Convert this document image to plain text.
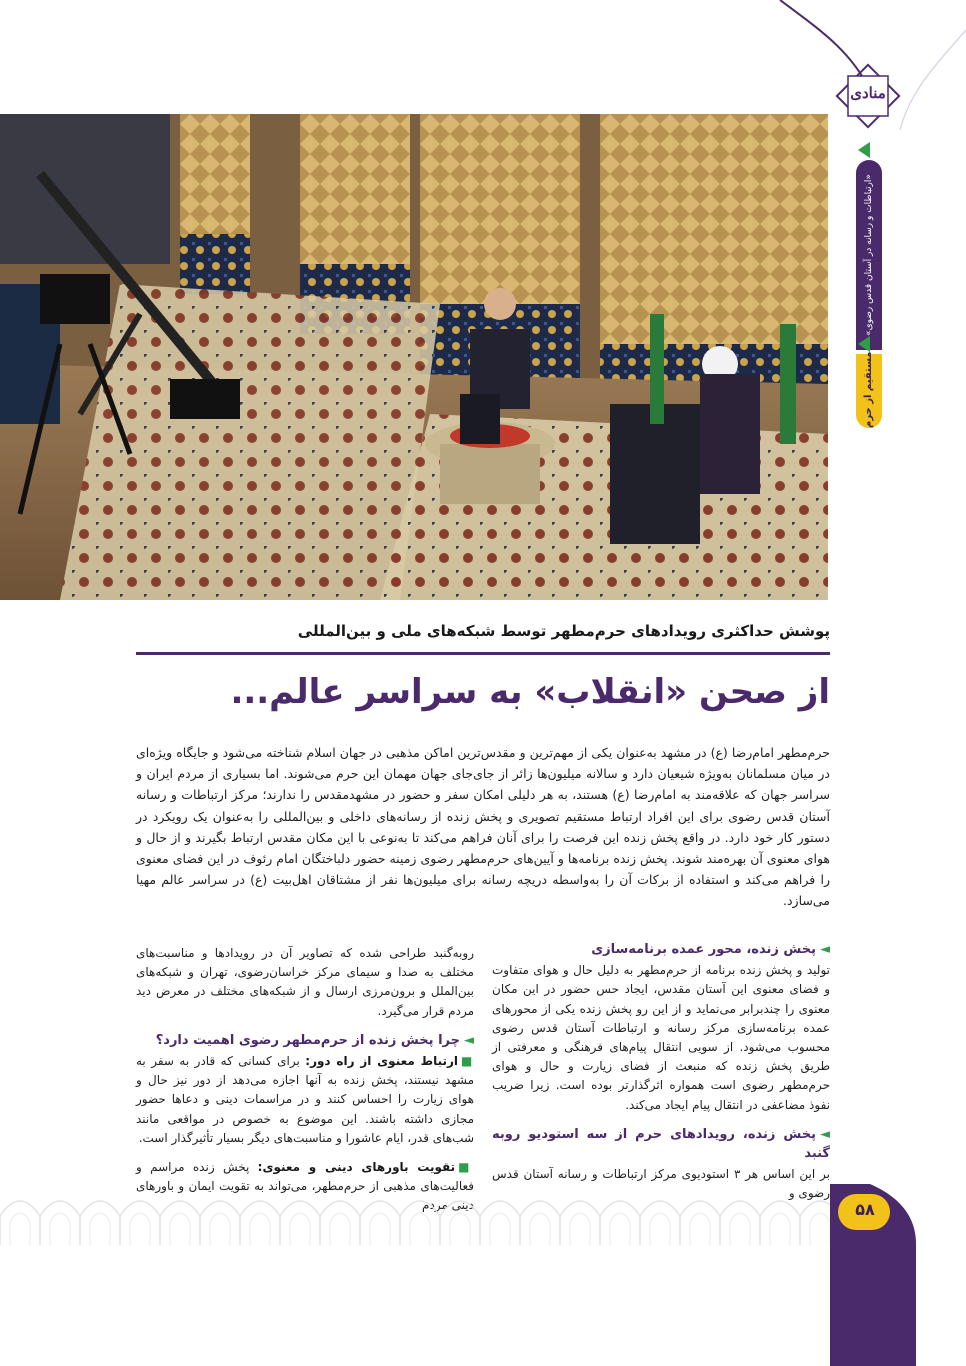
منادی
«ارتباطات و رسانه در آستان قدس رضوی»
مستقیم از حرم
پوشش حداکثری رویدادهای حرم‌مطهر توسط شبکه‌های ملی و بین‌المللی
از صحن «انقلاب» به سراسر عالم...
حرم‌مطهر امام‌رضا (ع) در مشهد به‌عنوان یکی از مهم‌ترین و مقدس‌ترین اماکن مذهبی در جهان اسلام شناخته می‌شود و جایگاه ویژه‌ای در میان مسلمانان به‌ویژه شیعیان دارد و سالانه میلیون‌ها زائر از جای‌جای جهان مهمان این حرم می‌شوند. اما بسیاری از مردم ایران و سراسر جهان که علاقه‌مند به امام‌رضا (ع) هستند، به هر دلیلی امکان سفر و حضور در مشهدمقدس را ندارند؛ مرکز ارتباطات و رسانه آستان قدس رضوی برای این افراد ارتباط مستقیم تصویری و پخش زنده از رسانه‌های داخلی و بین‌المللی را به‌عنوان یک رویکرد در دستور کار خود دارد. در واقع پخش زنده این فرصت را برای آنان فراهم می‌کند تا به‌نوعی با این مکان مقدس ارتباط بگیرند و از حال و هوای معنوی آن بهره‌مند شوند. پخش زنده برنامه‌ها و آیین‌های حرم‌مطهر رضوی زمینه حضور دلباختگان امام رئوف در این فضای معنوی را فراهم می‌کند و استفاده از برکات آن را به‌واسطه دریچه رسانه برای میلیون‌ها نفر از مشتاقان اهل‌بیت (ع) در سراسر عالم مهیا می‌سازد.
◄پخش زنده، محور عمده برنامه‌سازی
تولید و پخش زنده برنامه از حرم‌مطهر به دلیل حال و هوای متفاوت و فضای معنوی این آستان مقدس، ایجاد حس حضور در این مکان معنوی را چندبرابر می‌نماید و از این رو پخش زنده یکی از محورهای عمده برنامه‌سازی مرکز رسانه و ارتباطات آستان قدس رضوی محسوب می‌شود. از سویی انتقال پیام‌های فرهنگی و معرفتی از طریق پخش زنده که منبعث از فضای زیارت و حال و هوای حرم‌مطهر رضوی است همواره اثرگذارتر بوده است. زیرا ضریب نفوذ مضاعفی در انتقال پیام ایجاد می‌کند.
◄پخش زنده، رویدادهای حرم از سه استودیو روبه گنبد
بر این اساس هر ۳ استودیوی مرکز ارتباطات و رسانه آستان قدس
روبه‌گنبد طراحی شده که تصاویر آن در رویدادها و مناسبت‌های مختلف به صدا و سیمای مرکز خراسان‌رضوی، تهران و شبکه‌های بین‌الملل و برون‌مرزی ارسال و از شبکه‌های مختلف در معرض دید مردم قرار می‌گیرد.
◄چرا پخش زنده از حرم‌مطهر رضوی اهمیت دارد؟
■ارتباط معنوی از راه دور: برای کسانی که قادر به سفر به مشهد نیستند، پخش زنده به آنها اجازه می‌دهد از دور نیز حال و هوای زیارت را احساس کنند و در مراسمات دینی و دعاها حضور مجازی داشته باشند. این موضوع به خصوص در مواقعی مانند شب‌های قدر، ایام عاشورا و مناسبت‌های دیگر بسیار تأثیرگذار است.
■تقویت باورهای دینی و معنوی: پخش زنده مراسم و
۵۸
